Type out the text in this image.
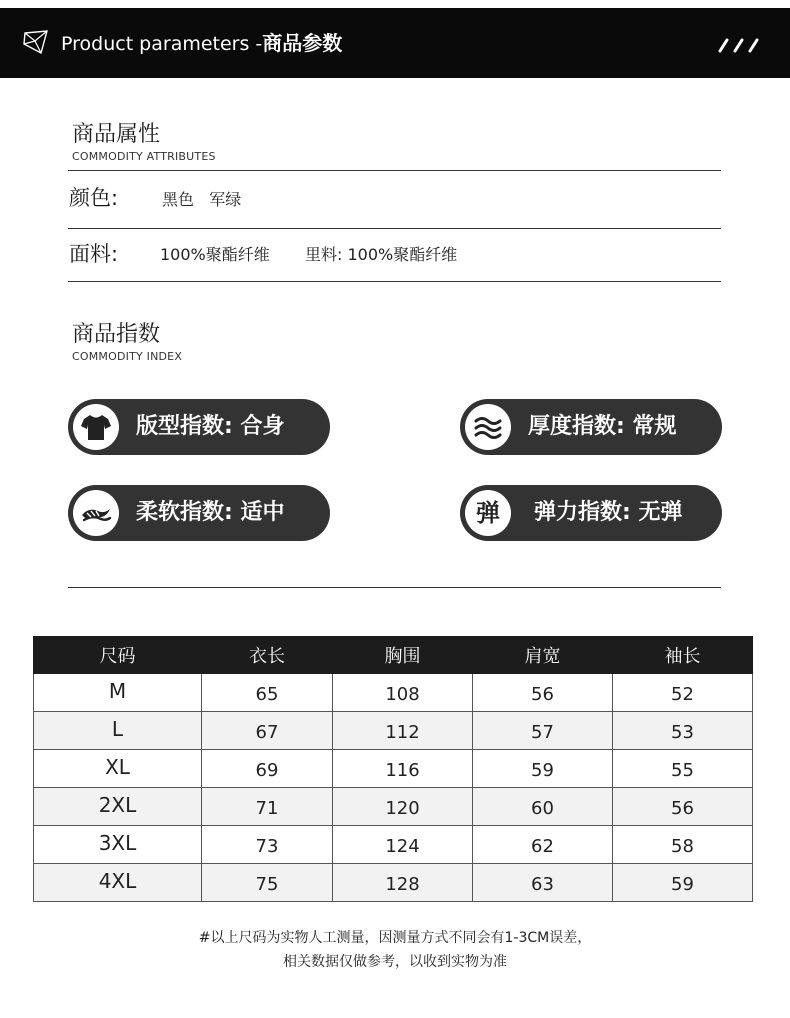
Product parameters -商品参数
商品属性
COMMODITY ATTRIBUTES
颜色:	黑色   军绿
面料:	100%聚酯纤维 里料: 100%聚酯纤维
商品指数
COMMODITY INDEX
版型指数: 合身	厚度指数: 常规
柔软指数: 适中	弹 弹力指数: 无弹
尺码	衣长	胸围	肩宽	袖长
M	65	108	56	52
L	67	112	57	53
XL	69	116	59	55
2XL	71	120	60	56
3XL	73	124	62	58
4XL	75	128	63	59
#以上尺码为实物人工测量，因测量方式不同会有1-3CM误差，
相关数据仅做参考，以收到实物为准
